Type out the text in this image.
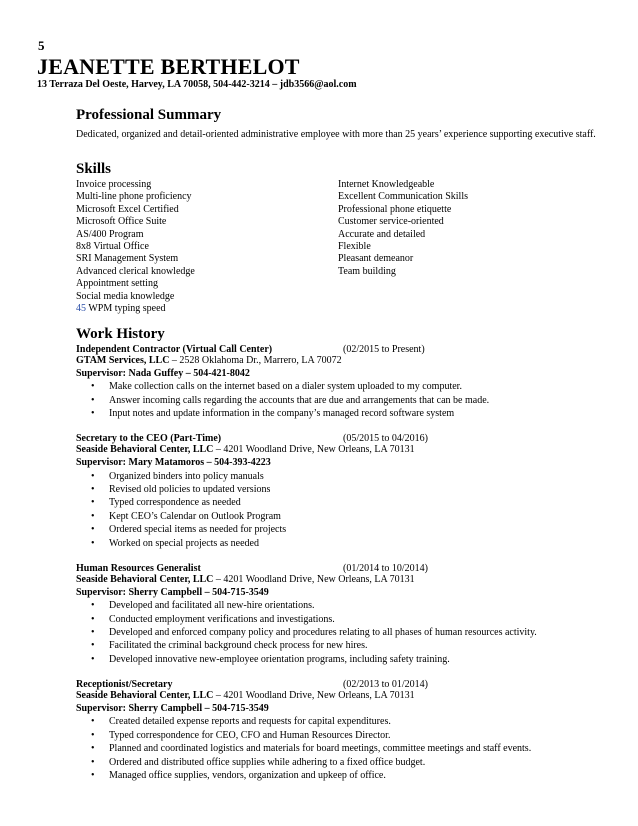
5
JEANETTE BERTHELOT
13 Terraza Del Oeste, Harvey, LA 70058, 504-442-3214 – jdb3566@aol.com
Professional Summary
Dedicated, organized and detail-oriented administrative employee with more than 25 years’ experience supporting executive staff.
Skills
Invoice processing
Multi-line phone proficiency
Microsoft Excel Certified
Microsoft Office Suite
AS/400 Program
8x8 Virtual Office
SRI Management System
Advanced clerical knowledge
Appointment setting
Social media knowledge
45 WPM typing speed
Internet Knowledgeable
Excellent Communication Skills
Professional phone etiquette
Customer service-oriented
Accurate and detailed
Flexible
Pleasant demeanor
Team building
Work History
Independent Contractor (Virtual Call Center)	(02/2015 to Present)
GTAM Services, LLC – 2528 Oklahoma Dr., Marrero, LA 70072
Supervisor: Nada Guffey – 504-421-8042
• Make collection calls on the internet based on a dialer system uploaded to my computer.
• Answer incoming calls regarding the accounts that are due and arrangements that can be made.
• Input notes and update information in the company’s managed record software system
Secretary to the CEO (Part-Time)	(05/2015 to 04/2016)
Seaside Behavioral Center, LLC – 4201 Woodland Drive, New Orleans, LA 70131
Supervisor: Mary Matamoros – 504-393-4223
• Organized binders into policy manuals
• Revised old policies to updated versions
• Typed correspondence as needed
• Kept CEO’s Calendar on Outlook Program
• Ordered special items as needed for projects
• Worked on special projects as needed
Human Resources Generalist	(01/2014 to 10/2014)
Seaside Behavioral Center, LLC – 4201 Woodland Drive, New Orleans, LA 70131
Supervisor: Sherry Campbell – 504-715-3549
• Developed and facilitated all new-hire orientations.
• Conducted employment verifications and investigations.
• Developed and enforced company policy and procedures relating to all phases of human resources activity.
• Facilitated the criminal background check process for new hires.
• Developed innovative new-employee orientation programs, including safety training.
Receptionist/Secretary	(02/2013 to 01/2014)
Seaside Behavioral Center, LLC – 4201 Woodland Drive, New Orleans, LA 70131
Supervisor: Sherry Campbell – 504-715-3549
• Created detailed expense reports and requests for capital expenditures.
• Typed correspondence for CEO, CFO and Human Resources Director.
• Planned and coordinated logistics and materials for board meetings, committee meetings and staff events.
• Ordered and distributed office supplies while adhering to a fixed office budget.
• Managed office supplies, vendors, organization and upkeep of office.
